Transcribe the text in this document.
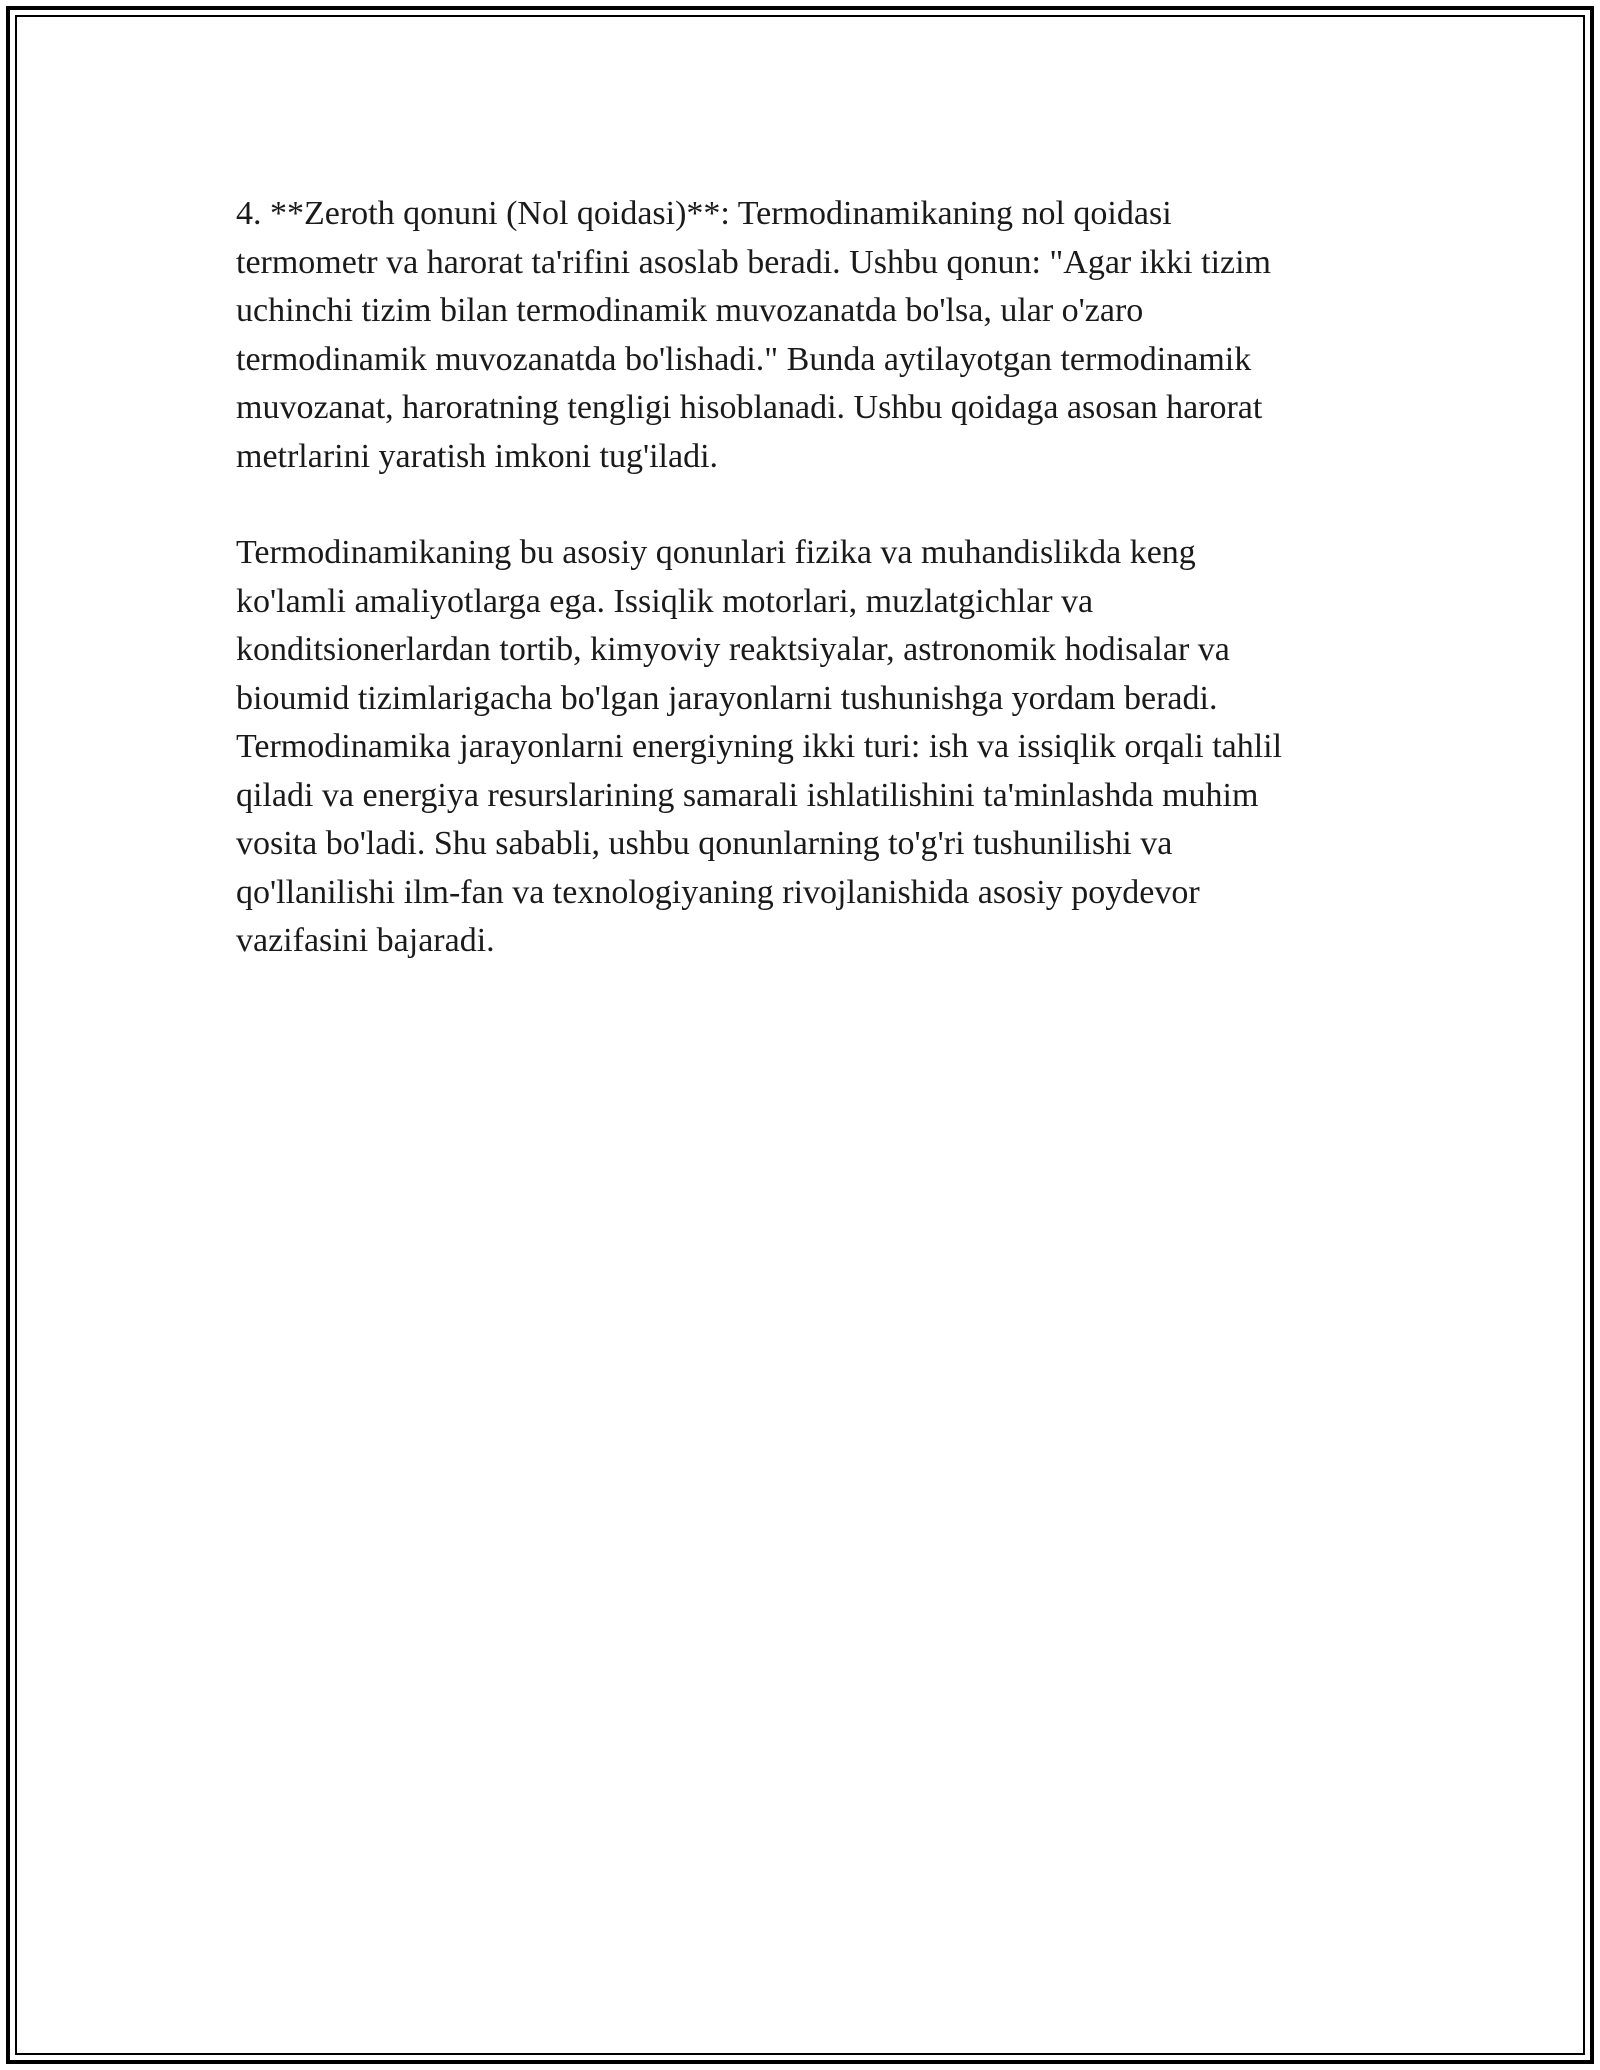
4. **Zeroth qonuni (Nol qoidasi)**: Termodinamikaning nol qoidasi
termometr va harorat ta'rifini asoslab beradi. Ushbu qonun: "Agar ikki tizim
uchinchi tizim bilan termodinamik muvozanatda bo'lsa, ular o'zaro
termodinamik muvozanatda bo'lishadi." Bunda aytilayotgan termodinamik
muvozanat, haroratning tengligi hisoblanadi. Ushbu qoidaga asosan harorat
metrlarini yaratish imkoni tug'iladi.

Termodinamikaning bu asosiy qonunlari fizika va muhandislikda keng
ko'lamli amaliyotlarga ega. Issiqlik motorlari, muzlatgichlar va
konditsionerlardan tortib, kimyoviy reaktsiyalar, astronomik hodisalar va
bioumid tizimlarigacha bo'lgan jarayonlarni tushunishga yordam beradi.
Termodinamika jarayonlarni energiyning ikki turi: ish va issiqlik orqali tahlil
qiladi va energiya resurslarining samarali ishlatilishini ta'minlashda muhim
vosita bo'ladi. Shu sababli, ushbu qonunlarning to'g'ri tushunilishi va
qo'llanilishi ilm-fan va texnologiyaning rivojlanishida asosiy poydevor
vazifasini bajaradi.
